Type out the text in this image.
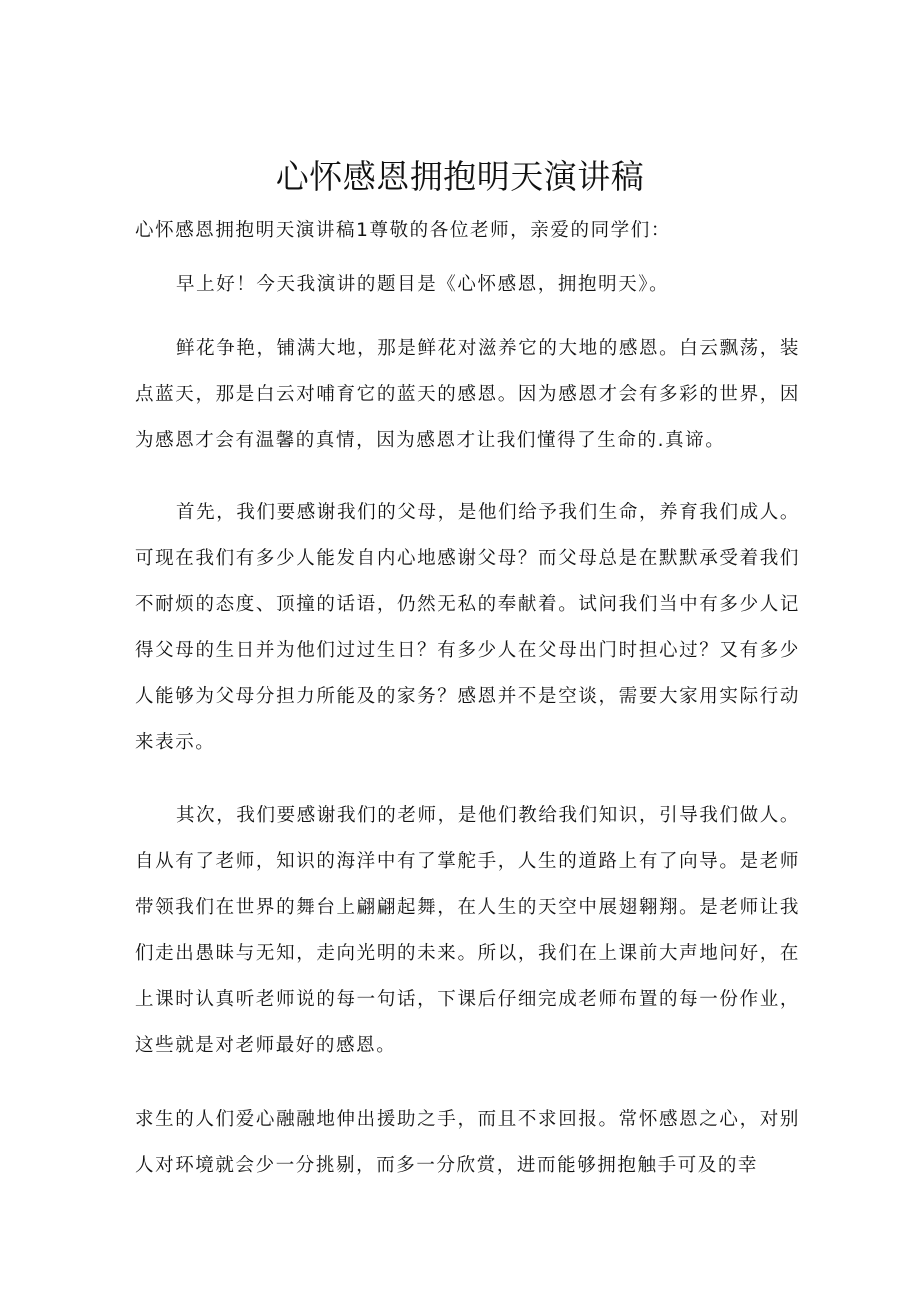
心怀感恩拥抱明天演讲稿

心怀感恩拥抱明天演讲稿1尊敬的各位老师，亲爱的同学们：

早上好！今天我演讲的题目是《心怀感恩，拥抱明天》。

鲜花争艳，铺满大地，那是鲜花对滋养它的大地的感恩。白云飘荡，装点蓝天，那是白云对哺育它的蓝天的感恩。因为感恩才会有多彩的世界，因为感恩才会有温馨的真情，因为感恩才让我们懂得了生命的.真谛。

首先，我们要感谢我们的父母，是他们给予我们生命，养育我们成人。可现在我们有多少人能发自内心地感谢父母？而父母总是在默默承受着我们不耐烦的态度、顶撞的话语，仍然无私的奉献着。试问我们当中有多少人记得父母的生日并为他们过过生日？有多少人在父母出门时担心过？又有多少人能够为父母分担力所能及的家务？感恩并不是空谈，需要大家用实际行动来表示。

其次，我们要感谢我们的老师，是他们教给我们知识，引导我们做人。自从有了老师，知识的海洋中有了掌舵手，人生的道路上有了向导。是老师带领我们在世界的舞台上翩翩起舞，在人生的天空中展翅翱翔。是老师让我们走出愚昧与无知，走向光明的未来。所以，我们在上课前大声地问好，在上课时认真听老师说的每一句话，下课后仔细完成老师布置的每一份作业，这些就是对老师最好的感恩。

求生的人们爱心融融地伸出援助之手，而且不求回报。常怀感恩之心，对别人对环境就会少一分挑剔，而多一分欣赏，进而能够拥抱触手可及的幸
